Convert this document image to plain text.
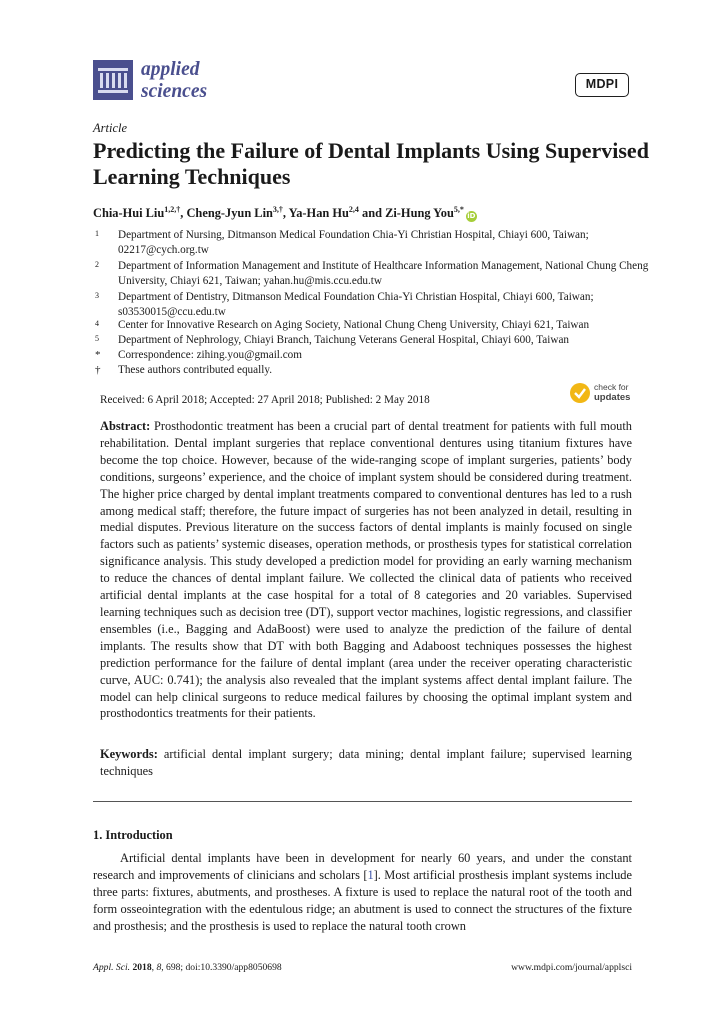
applied
sciences	MDPI
Article
Predicting the Failure of Dental Implants Using Supervised Learning Techniques
Chia-Hui Liu$^{1,2,\dagger}$, Cheng-Jyun Lin$^{3,\dagger}$, Ya-Han Hu$^{2,4}$ and Zi-Hung You$^{5,*}$iD
1 Department of Nursing, Ditmanson Medical Foundation Chia-Yi Christian Hospital, Chiayi 600, Taiwan; 02217@cych.org.tw
2 Department of Information Management and Institute of Healthcare Information Management, National Chung Cheng University, Chiayi 621, Taiwan; yahan.hu@mis.ccu.edu.tw
3 Department of Dentistry, Ditmanson Medical Foundation Chia-Yi Christian Hospital, Chiayi 600, Taiwan; s03530015@ccu.edu.tw
4 Center for Innovative Research on Aging Society, National Chung Cheng University, Chiayi 621, Taiwan
5 Department of Nephrology, Chiayi Branch, Taichung Veterans General Hospital, Chiayi 600, Taiwan
* Correspondence: zihing.you@gmail.com
† These authors contributed equally.
check for
updates
Received: 6 April 2018; Accepted: 27 April 2018; Published: 2 May 2018
Abstract: Prosthodontic treatment has been a crucial part of dental treatment for patients with full mouth rehabilitation. Dental implant surgeries that replace conventional dentures using titanium fixtures have become the top choice. However, because of the wide-ranging scope of implant surgeries, patients’ body conditions, surgeons’ experience, and the choice of implant system should be considered during treatment. The higher price charged by dental implant treatments compared to conventional dentures has led to a rush among medical staff; therefore, the future impact of surgeries has not been analyzed in detail, resulting in medial disputes. Previous literature on the success factors of dental implants is mainly focused on single factors such as patients’ systemic diseases, operation methods, or prosthesis types for statistical correlation significance analysis. This study developed a prediction model for providing an early warning mechanism to reduce the chances of dental implant failure. We collected the clinical data of patients who received artificial dental implants at the case hospital for a total of 8 categories and 20 variables. Supervised learning techniques such as decision tree (DT), support vector machines, logistic regressions, and classifier ensembles (i.e., Bagging and AdaBoost) were used to analyze the prediction of the failure of dental implants. The results show that DT with both Bagging and Adaboost techniques possesses the highest prediction performance for the failure of dental implant (area under the receiver operating characteristic curve, AUC: 0.741); the analysis also revealed that the implant systems affect dental implant failure. The model can help clinical surgeons to reduce medical failures by choosing the optimal implant system and prosthodontics treatments for their patients.
Keywords: artificial dental implant surgery; data mining; dental implant failure; supervised learning techniques
1. Introduction
Artificial dental implants have been in development for nearly 60 years, and under the constant research and improvements of clinicians and scholars [1]. Most artificial prosthesis implant systems include three parts: fixtures, abutments, and prostheses. A fixture is used to replace the natural root of the tooth and form osseointegration with the edentulous ridge; an abutment is used to connect the structures of the fixture and prosthesis; and the prosthesis is used to replace the natural tooth crown
Appl. Sci. 2018, 8, 698; doi:10.3390/app8050698	www.mdpi.com/journal/applsci
